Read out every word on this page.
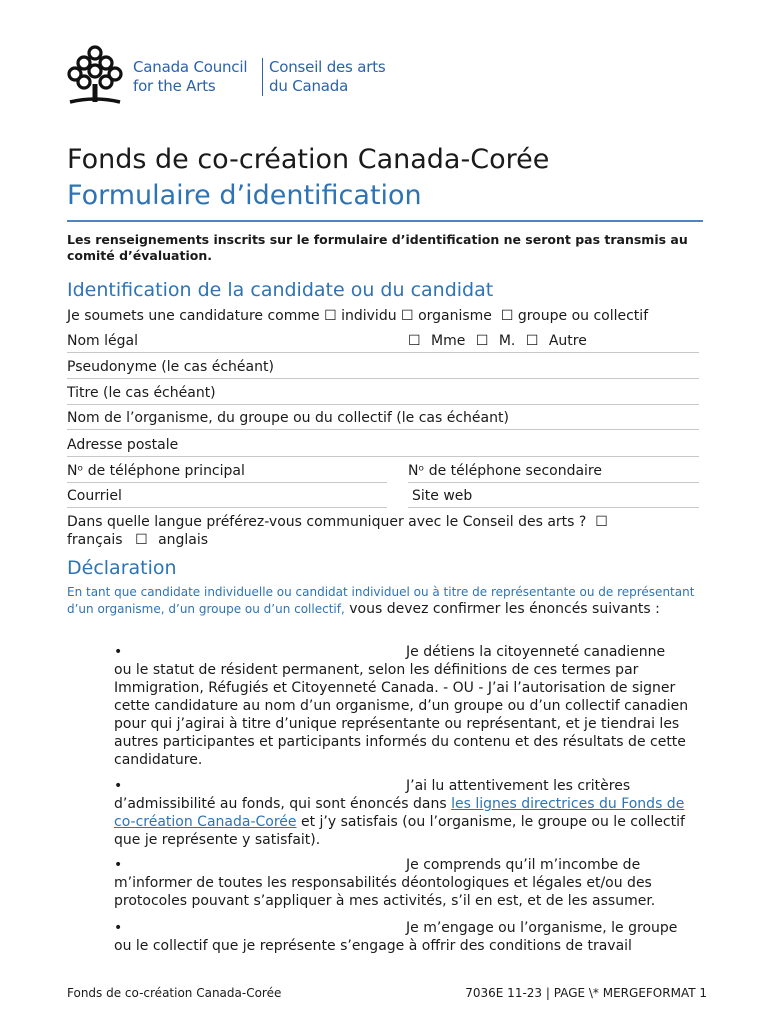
Canada Council
for the Arts
Conseil des arts
du Canada
Fonds de co-création Canada-Corée
Formulaire d’identification
Les renseignements inscrits sur le formulaire d’identification ne seront pas transmis au comité d’évaluation.
Identification de la candidate ou du candidat
Je soumets une candidature comme ☐ individu ☐ organisme  ☐ groupe ou collectif
Nom légal	☐ Mme ☐ M. ☐ Autre
Pseudonyme (le cas échéant)
Titre (le cas échéant)
Nom de l’organisme, du groupe ou du collectif (le cas échéant)
Adresse postale
Nᵒ de téléphone principal	Nᵒ de téléphone secondaire
Courriel	Site web
Dans quelle langue préférez-vous communiquer avec le Conseil des arts ?  ☐
français ☐ anglais
Déclaration
En tant que candidate individuelle ou candidat individuel ou à titre de représentante ou de représentant d’un organisme, d’un groupe ou d’un collectif, vous devez confirmer les énoncés suivants :
•	Je détiens la citoyenneté canadienne
ou le statut de résident permanent, selon les définitions de ces termes par Immigration, Réfugiés et Citoyenneté Canada. - OU - J’ai l’autorisation de signer cette candidature au nom d’un organisme, d’un groupe ou d’un collectif canadien pour qui j’agirai à titre d’unique représentante ou représentant, et je tiendrai les autres participantes et participants informés du contenu et des résultats de cette candidature.
•	J’ai lu attentivement les critères
d’admissibilité au fonds, qui sont énoncés dans les lignes directrices du Fonds de co-création Canada-Corée et j’y satisfais (ou l’organisme, le groupe ou le collectif que je représente y satisfait).
•	Je comprends qu’il m’incombe de
m’informer de toutes les responsabilités déontologiques et légales et/ou des protocoles pouvant s’appliquer à mes activités, s’il en est, et de les assumer.
•	Je m’engage ou l’organisme, le groupe
ou le collectif que je représente s’engage à offrir des conditions de travail
Fonds de co-création Canada-Corée	7036E 11-23 | PAGE \* MERGEFORMAT 1
